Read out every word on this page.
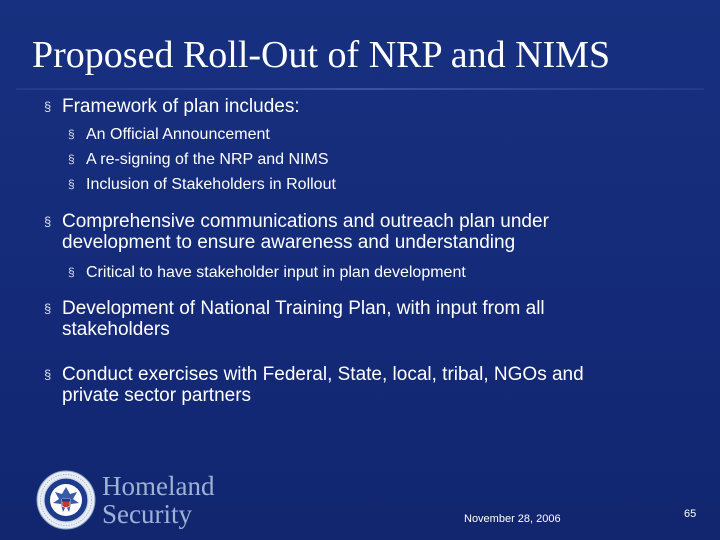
Proposed Roll-Out of NRP and NIMS
§ Framework of plan includes:
§ An Official Announcement
§ A re-signing of the NRP and NIMS
§ Inclusion of Stakeholders in Rollout
§ Comprehensive communications and outreach plan under
development to ensure awareness and understanding
§ Critical to have stakeholder input in plan development
§ Development of National Training Plan, with input from all
stakeholders
§ Conduct exercises with Federal, State, local, tribal, NGOs and
private sector partners
Homeland
Security	November 28, 2006	65
